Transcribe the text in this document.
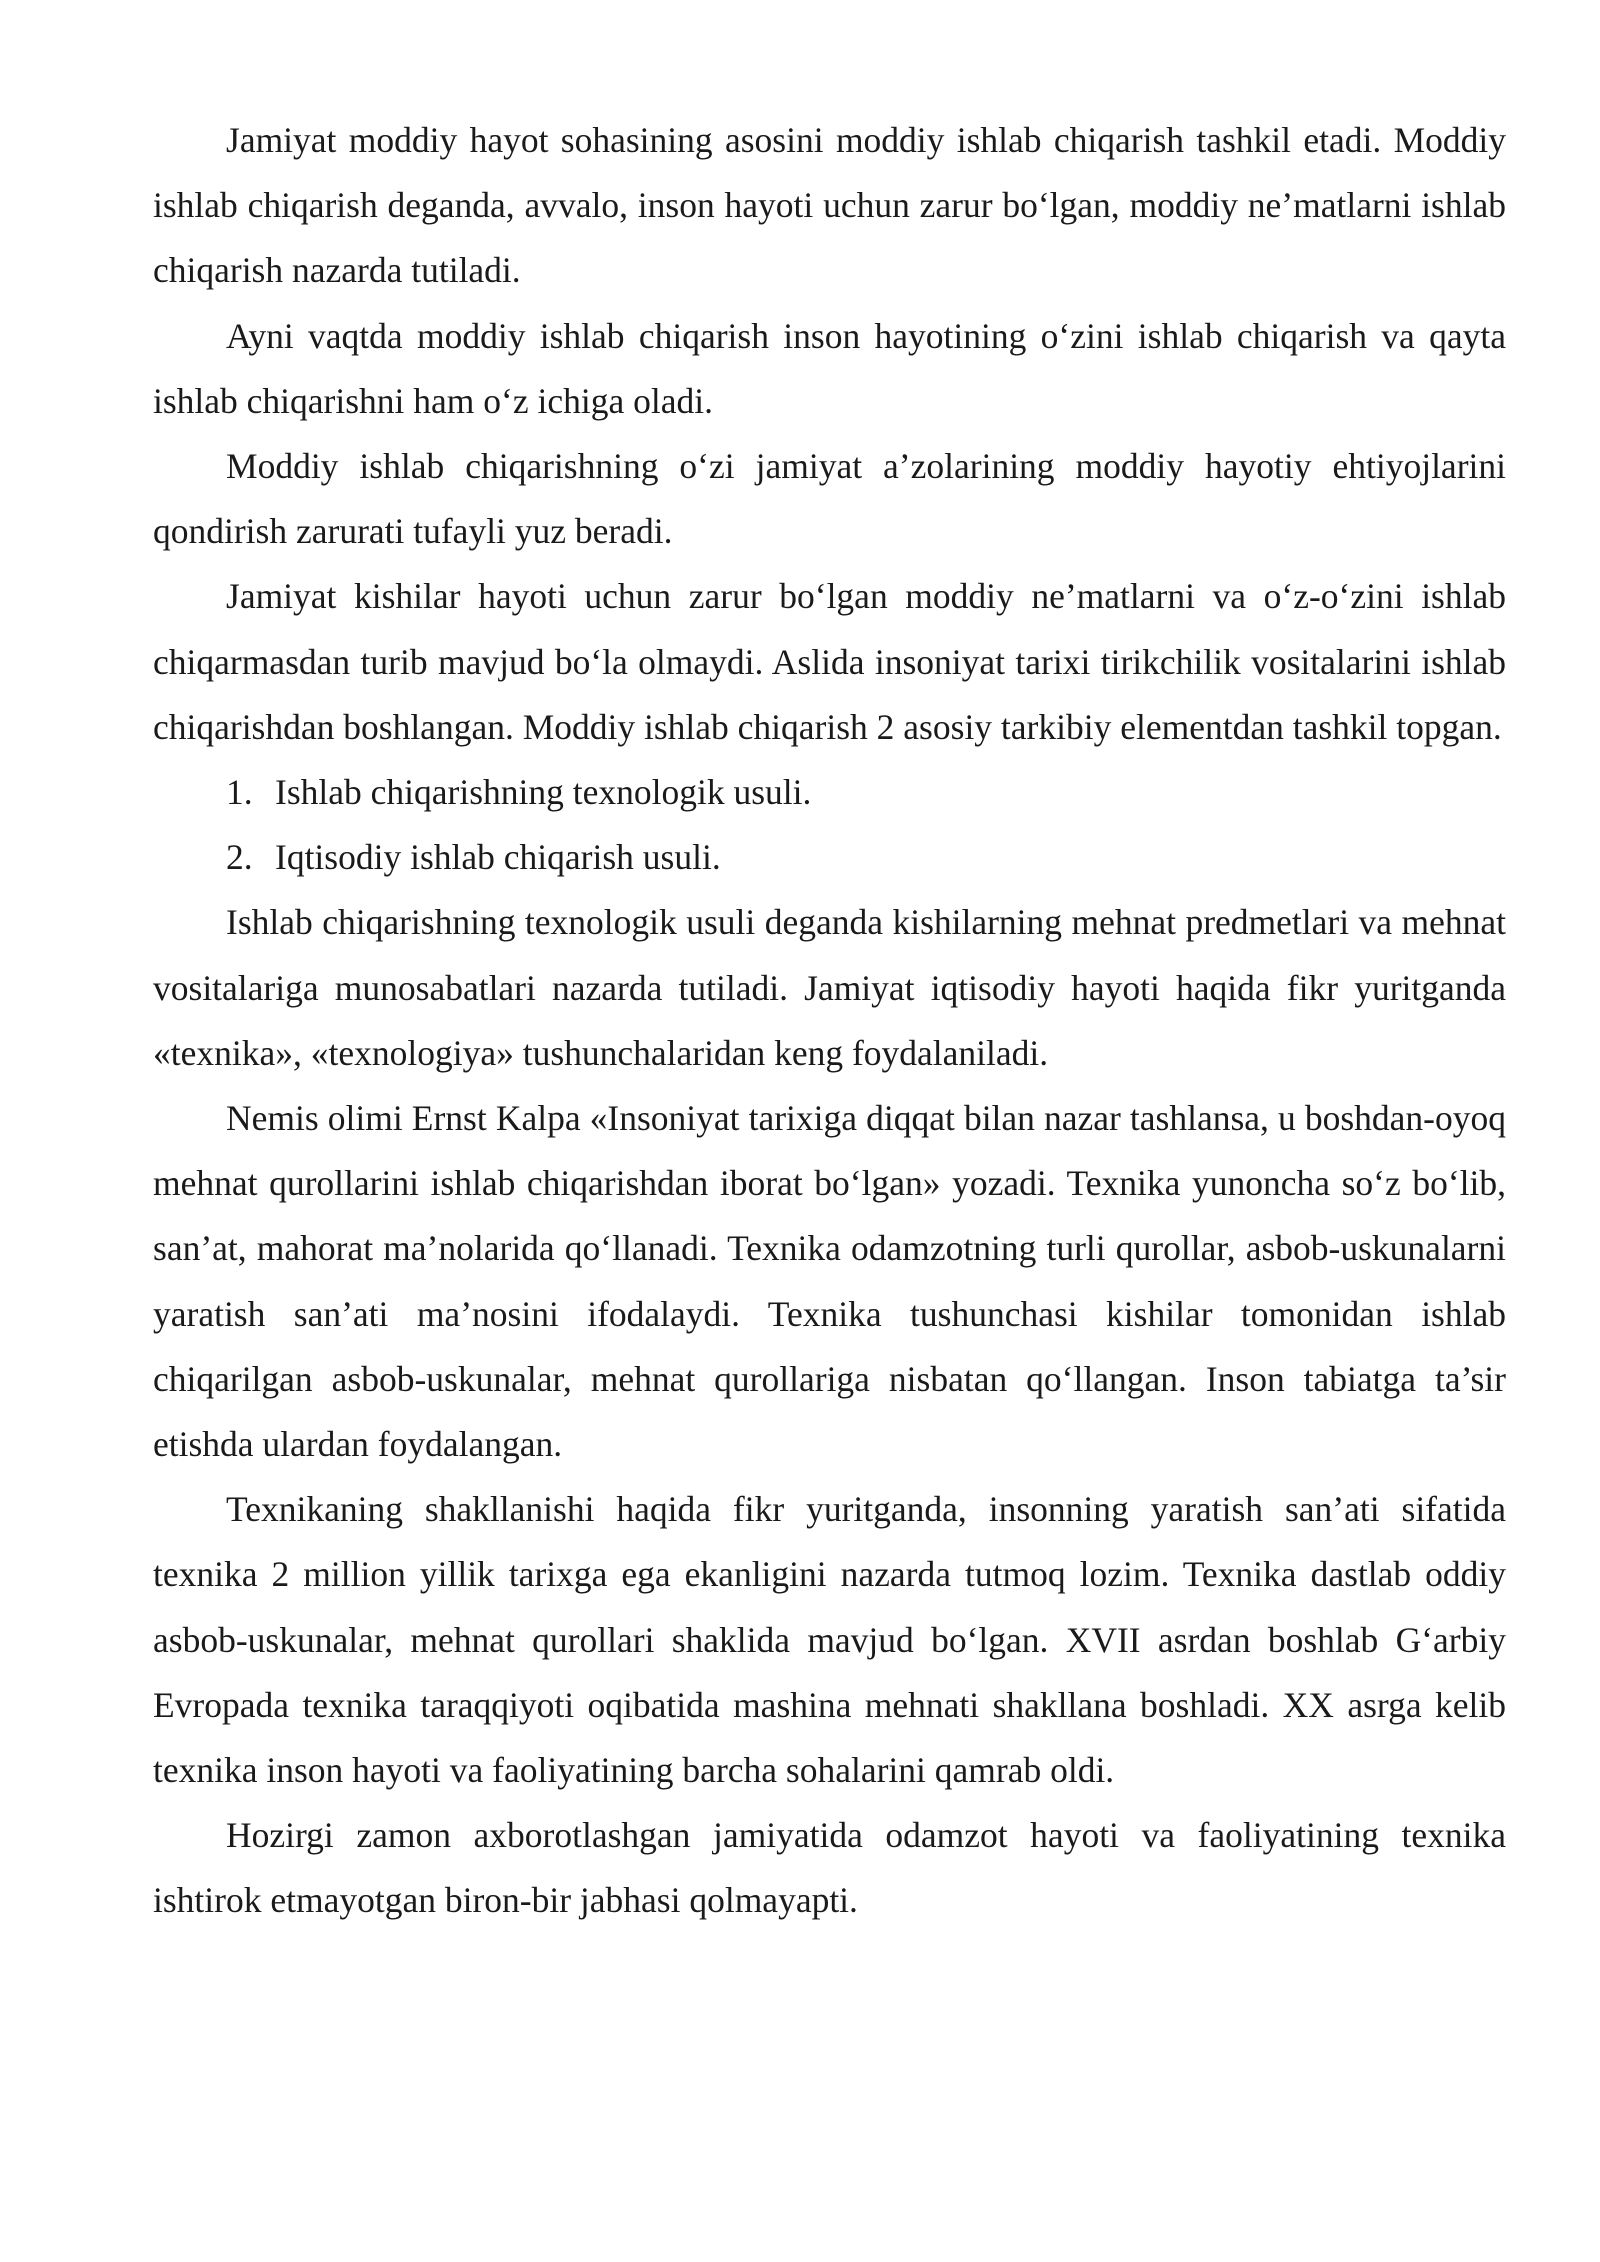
Jamiyat moddiy hayot sohasining asosini moddiy ishlab chiqarish tashkil etadi. Moddiy ishlab chiqarish deganda, avvalo, inson hayoti uchun zarur bo‘lgan, moddiy ne’matlarni ishlab chiqarish nazarda tutiladi.

Ayni vaqtda moddiy ishlab chiqarish inson hayotining o‘zini ishlab chiqarish va qayta ishlab chiqarishni ham o‘z ichiga oladi.

Moddiy ishlab chiqarishning o‘zi jamiyat a’zolarining moddiy hayotiy ehtiyojlarini qondirish zarurati tufayli yuz beradi.

Jamiyat kishilar hayoti uchun zarur bo‘lgan moddiy ne’matlarni va o‘z-o‘zini ishlab chiqarmasdan turib mavjud bo‘la olmaydi. Aslida insoniyat tarixi tirikchilik vositalarini ishlab chiqarishdan boshlangan. Moddiy ishlab chiqarish 2 asosiy tarkibiy elementdan tashkil topgan.

1. Ishlab chiqarishning texnologik usuli.
2. Iqtisodiy ishlab chiqarish usuli.

Ishlab chiqarishning texnologik usuli deganda kishilarning mehnat predmetlari va mehnat vositalariga munosabatlari nazarda tutiladi. Jamiyat iqtisodiy hayoti haqida fikr yuritganda «texnika», «texnologiya» tushunchalaridan keng foydalaniladi.

Nemis olimi Ernst Kalpa «Insoniyat tarixiga diqqat bilan nazar tashlansa, u boshdan-oyoq mehnat qurollarini ishlab chiqarishdan iborat bo‘lgan» yozadi. Texnika yunoncha so‘z bo‘lib, san’at, mahorat ma’nolarida qo‘llanadi. Texnika odamzotning turli qurollar, asbob-uskunalarni yaratish san’ati ma’nosini ifodalaydi. Texnika tushunchasi kishilar tomonidan ishlab chiqarilgan asbob-uskunalar, mehnat qurollariga nisbatan qo‘llangan. Inson tabiatga ta’sir etishda ulardan foydalangan.

Texnikaning shakllanishi haqida fikr yuritganda, insonning yaratish san’ati sifatida texnika 2 million yillik tarixga ega ekanligini nazarda tutmoq lozim. Texnika dastlab oddiy asbob-uskunalar, mehnat qurollari shaklida mavjud bo‘lgan. XVII asrdan boshlab G‘arbiy Evropada texnika taraqqiyoti oqibatida mashina mehnati shakllana boshladi. XX asrga kelib texnika inson hayoti va faoliyatining barcha sohalarini qamrab oldi.

Hozirgi zamon axborotlashgan jamiyatida odamzot hayoti va faoliyatining texnika ishtirok etmayotgan biron-bir jabhasi qolmayapti.
